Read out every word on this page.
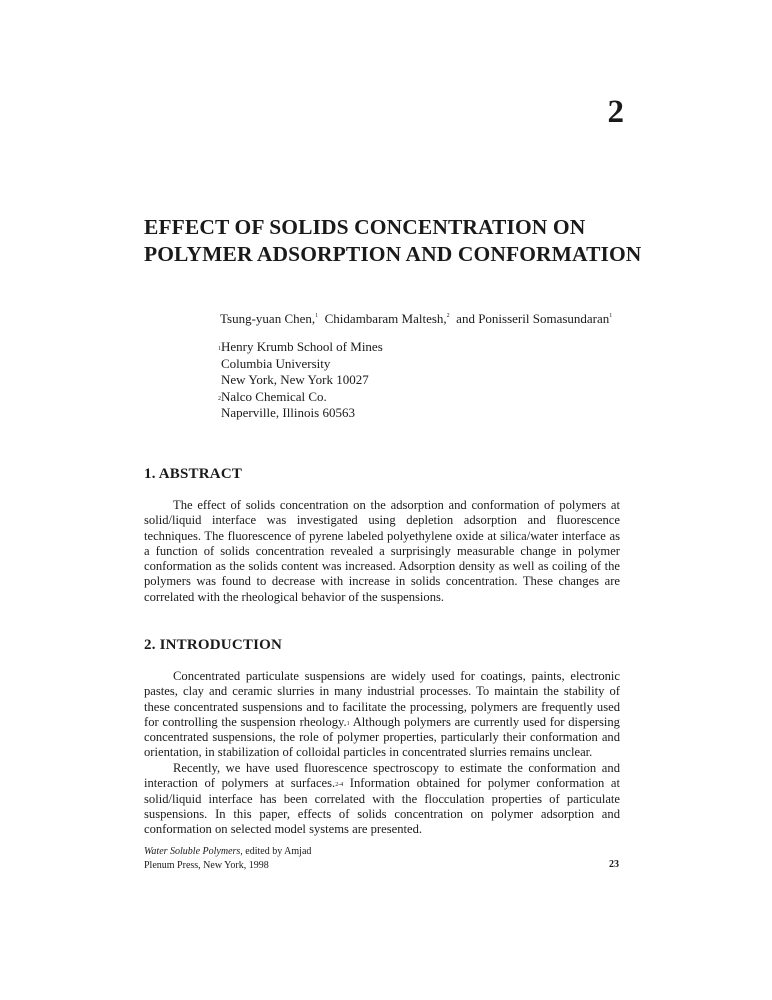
2
EFFECT OF SOLIDS CONCENTRATION ON POLYMER ADSORPTION AND CONFORMATION
Tsung-yuan Chen,$^1$ Chidambaram Maltesh,$^2$ and Ponisseril Somasundaran$^1$
$^1$Henry Krumb School of Mines
Columbia University
New York, New York 10027
$^2$Nalco Chemical Co.
Naperville, Illinois 60563
1. ABSTRACT

The effect of solids concentration on the adsorption and conformation of polymers at solid/liquid interface was investigated using depletion adsorption and fluorescence techniques. The fluorescence of pyrene labeled polyethylene oxide at silica/water interface as a function of solids concentration revealed a surprisingly measurable change in polymer conformation as the solids content was increased. Adsorption density as well as coiling of the polymers was found to decrease with increase in solids concentration. These changes are correlated with the rheological behavior of the suspensions.

2. INTRODUCTION

Concentrated particulate suspensions are widely used for coatings, paints, electronic pastes, clay and ceramic slurries in many industrial processes. To maintain the stability of these concentrated suspensions and to facilitate the processing, polymers are frequently used for controlling the suspension rheology.$^1$ Although polymers are currently used for dispersing concentrated suspensions, the role of polymer properties, particularly their conformation and orientation, in stabilization of colloidal particles in concentrated slurries remains unclear.

Recently, we have used fluorescence spectroscopy to estimate the conformation and interaction of polymers at surfaces.$^{2-4}$ Information obtained for polymer conformation at solid/liquid interface has been correlated with the flocculation properties of particulate suspensions. In this paper, effects of solids concentration on polymer adsorption and conformation on selected model systems are presented.

Water Soluble Polymers, edited by Amjad
Plenum Press, New York, 1998	23
